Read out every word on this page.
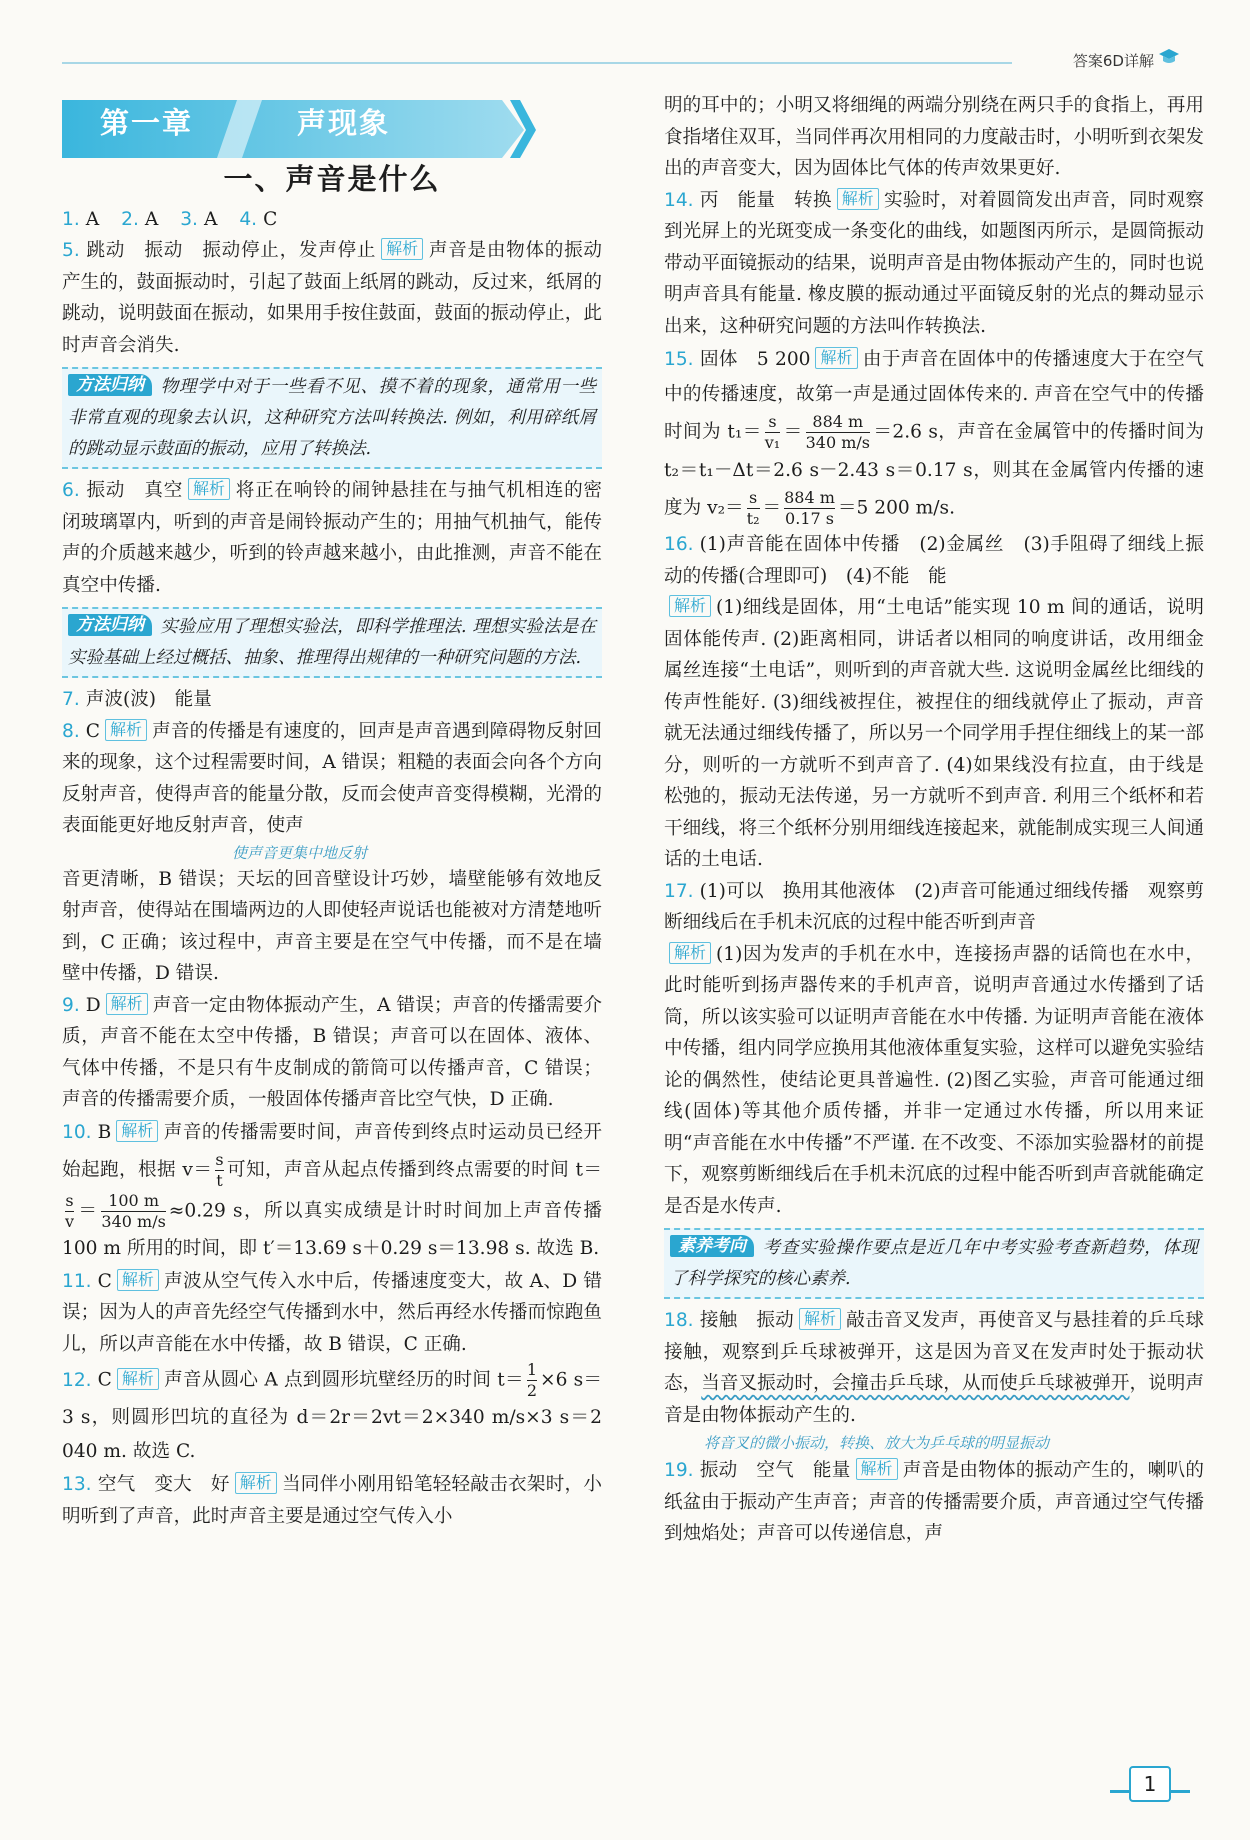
答案6D详解
第一章	声现象
一、声音是什么
1. A 2. A 3. A 4. C
5. 跳动　振动　振动停止，发声停止 解析 声音是由物体的振动产生的，鼓面振动时，引起了鼓面上纸屑的跳动，反过来，纸屑的跳动，说明鼓面在振动，如果用手按住鼓面，鼓面的振动停止，此时声音会消失.
方法归纳 物理学中对于一些看不见、摸不着的现象，通常用一些非常直观的现象去认识，这种研究方法叫转换法. 例如，利用碎纸屑的跳动显示鼓面的振动，应用了转换法.
6. 振动　真空 解析 将正在响铃的闹钟悬挂在与抽气机相连的密闭玻璃罩内，听到的声音是闹铃振动产生的；用抽气机抽气，能传声的介质越来越少，听到的铃声越来越小，由此推测，声音不能在真空中传播.
方法归纳 实验应用了理想实验法，即科学推理法. 理想实验法是在实验基础上经过概括、抽象、推理得出规律的一种研究问题的方法.
7. 声波(波)　能量
8. C 解析 声音的传播是有速度的，回声是声音遇到障碍物反射回来的现象，这个过程需要时间，A 错误；粗糙的表面会向各个方向反射声音，使得声音的能量分散，反而会使声音变得模糊，光滑的表面能更好地反射声音，使声
使声音更集中地反射
音更清晰，B 错误；天坛的回音壁设计巧妙，墙壁能够有效地反射声音，使得站在围墙两边的人即使轻声说话也能被对方清楚地听到，C 正确；该过程中，声音主要是在空气中传播，而不是在墙壁中传播，D 错误.
9. D 解析 声音一定由物体振动产生，A 错误；声音的传播需要介质，声音不能在太空中传播，B 错误；声音可以在固体、液体、气体中传播，不是只有牛皮制成的箭筒可以传播声音，C 错误；声音的传播需要介质，一般固体传播声音比空气快，D 正确.
10. B 解析 声音的传播需要时间，声音传到终点时运动员已经开始起跑，根据 $v= \frac{s}{t}$ 可知，声音从起点传播到终点需要的时间 t＝
$\frac{s}{v} = \frac{100 m}{340 m/s} \approx 0.29$ s，所以真实成绩是计时时间加上声音传播 100 m 所用的时间，即 t′＝13.69 s＋0.29 s＝13.98 s. 故选 B.
11. C 解析 声波从空气传入水中后，传播速度变大，故 A、D 错误；因为人的声音先经空气传播到水中，然后再经水传播而惊跑鱼儿，所以声音能在水中传播，故 B 错误，C 正确.
12. C 解析 声音从圆心 A 点到圆形坑壁经历的时间 $t= \frac{1}{2} \times 6$ s＝3 s，则圆形凹坑的直径为 d＝2r＝2vt＝2×340 m/s×3 s＝2 040 m. 故选 C.
13. 空气　变大　好 解析 当同伴小刚用铅笔轻轻敲击衣架时，小明听到了声音，此时声音主要是通过空气传入小
明的耳中的；小明又将细绳的两端分别绕在两只手的食指上，再用食指堵住双耳，当同伴再次用相同的力度敲击时，小明听到衣架发出的声音变大，因为固体比气体的传声效果更好.
14. 丙　能量　转换 解析 实验时，对着圆筒发出声音，同时观察到光屏上的光斑变成一条变化的曲线，如题图丙所示，是圆筒振动带动平面镜振动的结果，说明声音是由物体振动产生的，同时也说明声音具有能量. 橡皮膜的振动通过平面镜反射的光点的舞动显示出来，这种研究问题的方法叫作转换法.
15. 固体　5 200 解析 由于声音在固体中的传播速度大于在空气中的传播速度，故第一声是通过固体传来的. 声音在空气中的传播时间为 $t_1= \frac{s}{\text{v₁}} = \frac{884 m}{340 m/s} =2.6$ s，声音在金属管中的传播时间为 t₂＝t₁－Δt＝2.6 s－2.43 s＝0.17 s，则其在金属管内传播的速度为 $v_2= \frac{s}{\text{t₂}} = \frac{884 m}{0.17 s} =5$ 200 m/s.
16. (1)声音能在固体中传播　(2)金属丝　(3)手阻碍了细线上振动的传播(合理即可)　(4)不能　能
解析 (1)细线是固体，用“土电话”能实现 10 m 间的通话，说明固体能传声. (2)距离相同，讲话者以相同的响度讲话，改用细金属丝连接“土电话”，则听到的声音就大些. 这说明金属丝比细线的传声性能好. (3)细线被捏住，被捏住的细线就停止了振动，声音就无法通过细线传播了，所以另一个同学用手捏住细线上的某一部分，则听的一方就听不到声音了. (4)如果线没有拉直，由于线是松弛的，振动无法传递，另一方就听不到声音. 利用三个纸杯和若干细线，将三个纸杯分别用细线连接起来，就能制成实现三人间通话的土电话.
17. (1)可以　换用其他液体　(2)声音可能通过细线传播　观察剪断细线后在手机未沉底的过程中能否听到声音
解析 (1)因为发声的手机在水中，连接扬声器的话筒也在水中，此时能听到扬声器传来的手机声音，说明声音通过水传播到了话筒，所以该实验可以证明声音能在水中传播. 为证明声音能在液体中传播，组内同学应换用其他液体重复实验，这样可以避免实验结论的偶然性，使结论更具普遍性. (2)图乙实验，声音可能通过细线(固体)等其他介质传播，并非一定通过水传播，所以用来证明“声音能在水中传播”不严谨. 在不改变、不添加实验器材的前提下，观察剪断细线后在手机未沉底的过程中能否听到声音就能确定是否是水传声.
素养考向 考查实验操作要点是近几年中考实验考查新趋势，体现了科学探究的核心素养.
18. 接触　振动 解析 敲击音叉发声，再使音叉与悬挂着的乒乓球接触，观察到乒乓球被弹开，这是因为音叉在发声时处于振动状态，当音叉振动时，会撞击乒乓球，从而使乒乓球被弹开，说明声音是由物体振动产生的.
将音叉的微小振动，转换、放大为乒乓球的明显振动
19. 振动　空气　能量 解析 声音是由物体的振动产生的，喇叭的纸盆由于振动产生声音；声音的传播需要介质，声音通过空气传播到烛焰处；声音可以传递信息，声
1
